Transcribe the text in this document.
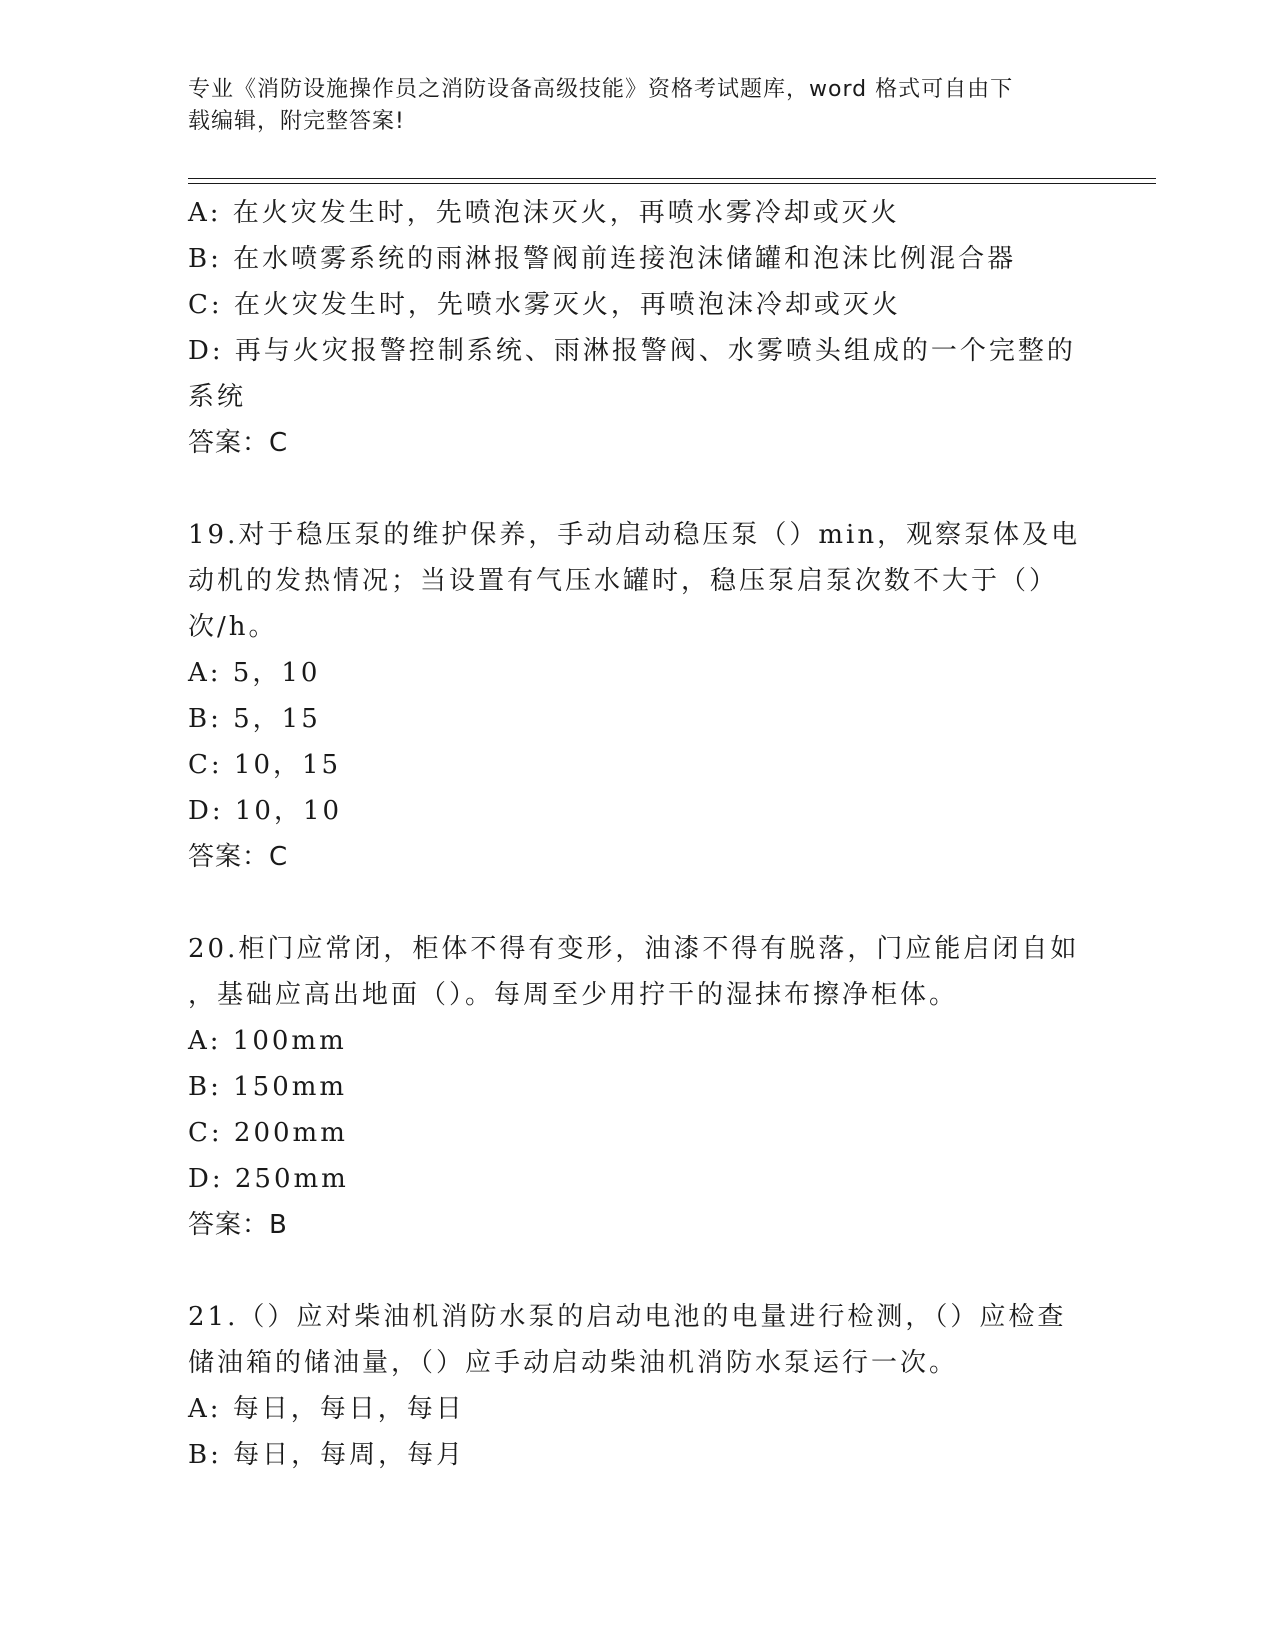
专业《消防设施操作员之消防设备高级技能》资格考试题库，word 格式可自由下
载编辑，附完整答案!

A: 在火灾发生时，先喷泡沫灭火，再喷水雾冷却或灭火

B: 在水喷雾系统的雨淋报警阀前连接泡沫储罐和泡沫比例混合器

C: 在火灾发生时，先喷水雾灭火，再喷泡沫冷却或灭火

D: 再与火灾报警控制系统、雨淋报警阀、水雾喷头组成的一个完整的

系统

答案：C

19.对于稳压泵的维护保养，手动启动稳压泵（）min，观察泵体及电

动机的发热情况；当设置有气压水罐时，稳压泵启泵次数不大于（）

次/h。

A: 5，10

B: 5，15

C: 10，15

D: 10，10

答案：C

20.柜门应常闭，柜体不得有变形，油漆不得有脱落，门应能启闭自如

，基础应高出地面（）。每周至少用拧干的湿抹布擦净柜体。

A: 100mm

B: 150mm

C: 200mm

D: 250mm

答案：B

21.（）应对柴油机消防水泵的启动电池的电量进行检测，（）应检查

储油箱的储油量，（）应手动启动柴油机消防水泵运行一次。

A: 每日，每日，每日

B: 每日，每周，每月
